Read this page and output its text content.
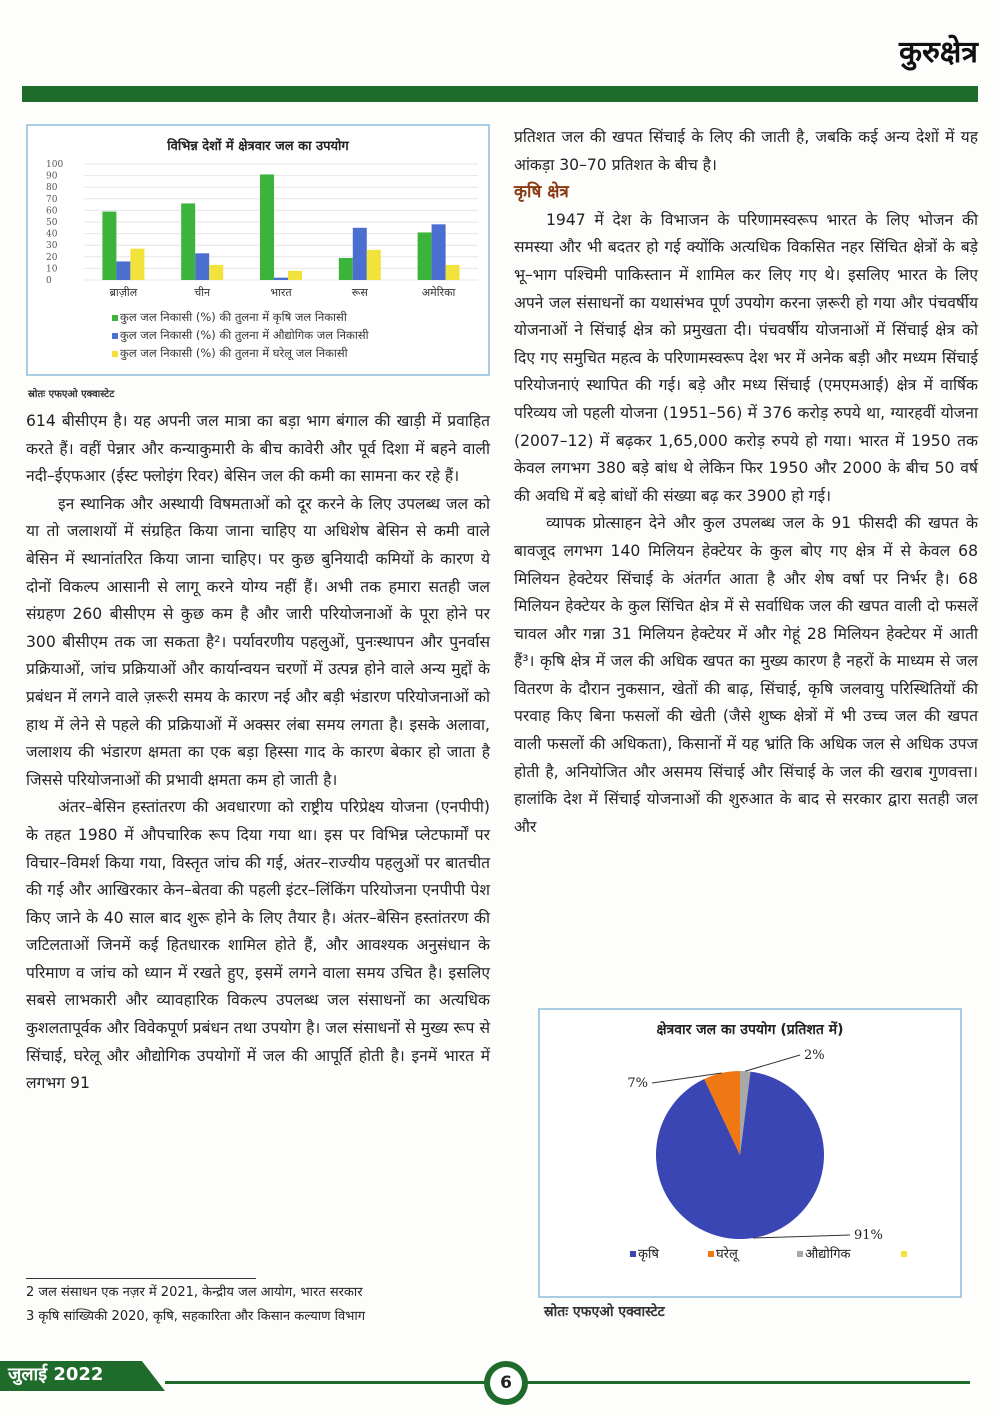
कुरुक्षेत्र
विभिन्न देशों में क्षेत्रवार जल का उपयोग
100
90
80
70
60
50
40
30
20
10
0
ब्राज़ील	चीन	भारत	रूस	अमेरिका
कुल जल निकासी (%) की तुलना में कृषि जल निकासी
कुल जल निकासी (%) की तुलना में औद्योगिक जल निकासी
कुल जल निकासी (%) की तुलना में घरेलू जल निकासी
स्रोतः एफएओ एक्वास्टेट

614 बीसीएम है। यह अपनी जल मात्रा का बड़ा भाग बंगाल की खाड़ी में प्रवाहित करते हैं। वहीं पेन्नार और कन्याकुमारी के बीच कावेरी और पूर्व दिशा में बहने वाली नदी–ईएफआर (ईस्ट फ्लोइंग रिवर) बेसिन जल की कमी का सामना कर रहे हैं।

इन स्थानिक और अस्थायी विषमताओं को दूर करने के लिए उपलब्ध जल को या तो जलाशयों में संग्रहित किया जाना चाहिए या अधिशेष बेसिन से कमी वाले बेसिन में स्थानांतरित किया जाना चाहिए। पर कुछ बुनियादी कमियों के कारण ये दोनों विकल्प आसानी से लागू करने योग्य नहीं हैं। अभी तक हमारा सतही जल संग्रहण 260 बीसीएम से कुछ कम है और जारी परियोजनाओं के पूरा होने पर 300 बीसीएम तक जा सकता है²। पर्यावरणीय पहलुओं, पुनःस्थापन और पुनर्वास प्रक्रियाओं, जांच प्रक्रियाओं और कार्यान्वयन चरणों में उत्पन्न होने वाले अन्य मुद्दों के प्रबंधन में लगने वाले ज़रूरी समय के कारण नई और बड़ी भंडारण परियोजनाओं को हाथ में लेने से पहले की प्रक्रियाओं में अक्सर लंबा समय लगता है। इसके अलावा, जलाशय की भंडारण क्षमता का एक बड़ा हिस्सा गाद के कारण बेकार हो जाता है जिससे परियोजनाओं की प्रभावी क्षमता कम हो जाती है।

अंतर–बेसिन हस्तांतरण की अवधारणा को राष्ट्रीय परिप्रेक्ष्य योजना (एनपीपी) के तहत 1980 में औपचारिक रूप दिया गया था। इस पर विभिन्न प्लेटफार्मों पर विचार–विमर्श किया गया, विस्तृत जांच की गई, अंतर–राज्यीय पहलुओं पर बातचीत की गई और आखिरकार केन–बेतवा की पहली इंटर–लिंकिंग परियोजना एनपीपी पेश किए जाने के 40 साल बाद शुरू होने के लिए तैयार है। अंतर–बेसिन हस्तांतरण की जटिलताओं जिनमें कई हितधारक शामिल होते हैं, और आवश्यक अनुसंधान के परिमाण व जांच को ध्यान में रखते हुए, इसमें लगने वाला समय उचित है। इसलिए सबसे लाभकारी और व्यावहारिक विकल्प उपलब्ध जल संसाधनों का अत्यधिक कुशलतापूर्वक और विवेकपूर्ण प्रबंधन तथा उपयोग है। जल संसाधनों से मुख्य रूप से सिंचाई, घरेलू और औद्योगिक उपयोगों में जल की आपूर्ति होती है। इनमें भारत में लगभग 91

प्रतिशत जल की खपत सिंचाई के लिए की जाती है, जबकि कई अन्य देशों में यह आंकड़ा 30–70 प्रतिशत के बीच है।

कृषि क्षेत्र

1947 में देश के विभाजन के परिणामस्वरूप भारत के लिए भोजन की समस्या और भी बदतर हो गई क्योंकि अत्यधिक विकसित नहर सिंचित क्षेत्रों के बड़े भू–भाग पश्चिमी पाकिस्तान में शामिल कर लिए गए थे। इसलिए भारत के लिए अपने जल संसाधनों का यथासंभव पूर्ण उपयोग करना ज़रूरी हो गया और पंचवर्षीय योजनाओं ने सिंचाई क्षेत्र को प्रमुखता दी। पंचवर्षीय योजनाओं में सिंचाई क्षेत्र को दिए गए समुचित महत्व के परिणामस्वरूप देश भर में अनेक बड़ी और मध्यम सिंचाई परियोजनाएं स्थापित की गई। बड़े और मध्य सिंचाई (एमएमआई) क्षेत्र में वार्षिक परिव्यय जो पहली योजना (1951–56) में 376 करोड़ रुपये था, ग्यारहवीं योजना (2007–12) में बढ़कर 1,65,000 करोड़ रुपये हो गया। भारत में 1950 तक केवल लगभग 380 बड़े बांध थे लेकिन फिर 1950 और 2000 के बीच 50 वर्ष की अवधि में बड़े बांधों की संख्या बढ़ कर 3900 हो गई।

व्यापक प्रोत्साहन देने और कुल उपलब्ध जल के 91 फीसदी की खपत के बावजूद लगभग 140 मिलियन हेक्टेयर के कुल बोए गए क्षेत्र में से केवल 68 मिलियन हेक्टेयर सिंचाई के अंतर्गत आता है और शेष वर्षा पर निर्भर है। 68 मिलियन हेक्टेयर के कुल सिंचित क्षेत्र में से सर्वाधिक जल की खपत वाली दो फसलें चावल और गन्ना 31 मिलियन हेक्टेयर में और गेहूं 28 मिलियन हेक्टेयर में आती हैं³। कृषि क्षेत्र में जल की अधिक खपत का मुख्य कारण है नहरों के माध्यम से जल वितरण के दौरान नुकसान, खेतों की बाढ़, सिंचाई, कृषि जलवायु परिस्थितियों की परवाह किए बिना फसलों की खेती (जैसे शुष्क क्षेत्रों में भी उच्च जल की खपत वाली फसलों की अधिकता), किसानों में यह भ्रांति कि अधिक जल से अधिक उपज होती है, अनियोजित और असमय सिंचाई और सिंचाई के जल की खराब गुणवत्ता। हालांकि देश में सिंचाई योजनाओं की शुरुआत के बाद से सरकार द्वारा सतही जल और

क्षेत्रवार जल का उपयोग (प्रतिशत में)
91%
7%
2%
कृषि	घरेलू	औद्योगिक
स्रोतः एफएओ एक्वास्टेट
2 जल संसाधन एक नज़र में 2021, केन्द्रीय जल आयोग, भारत सरकार
3 कृषि सांख्यिकी 2020, कृषि, सहकारिता और किसान कल्याण विभाग
जुलाई 2022	6
